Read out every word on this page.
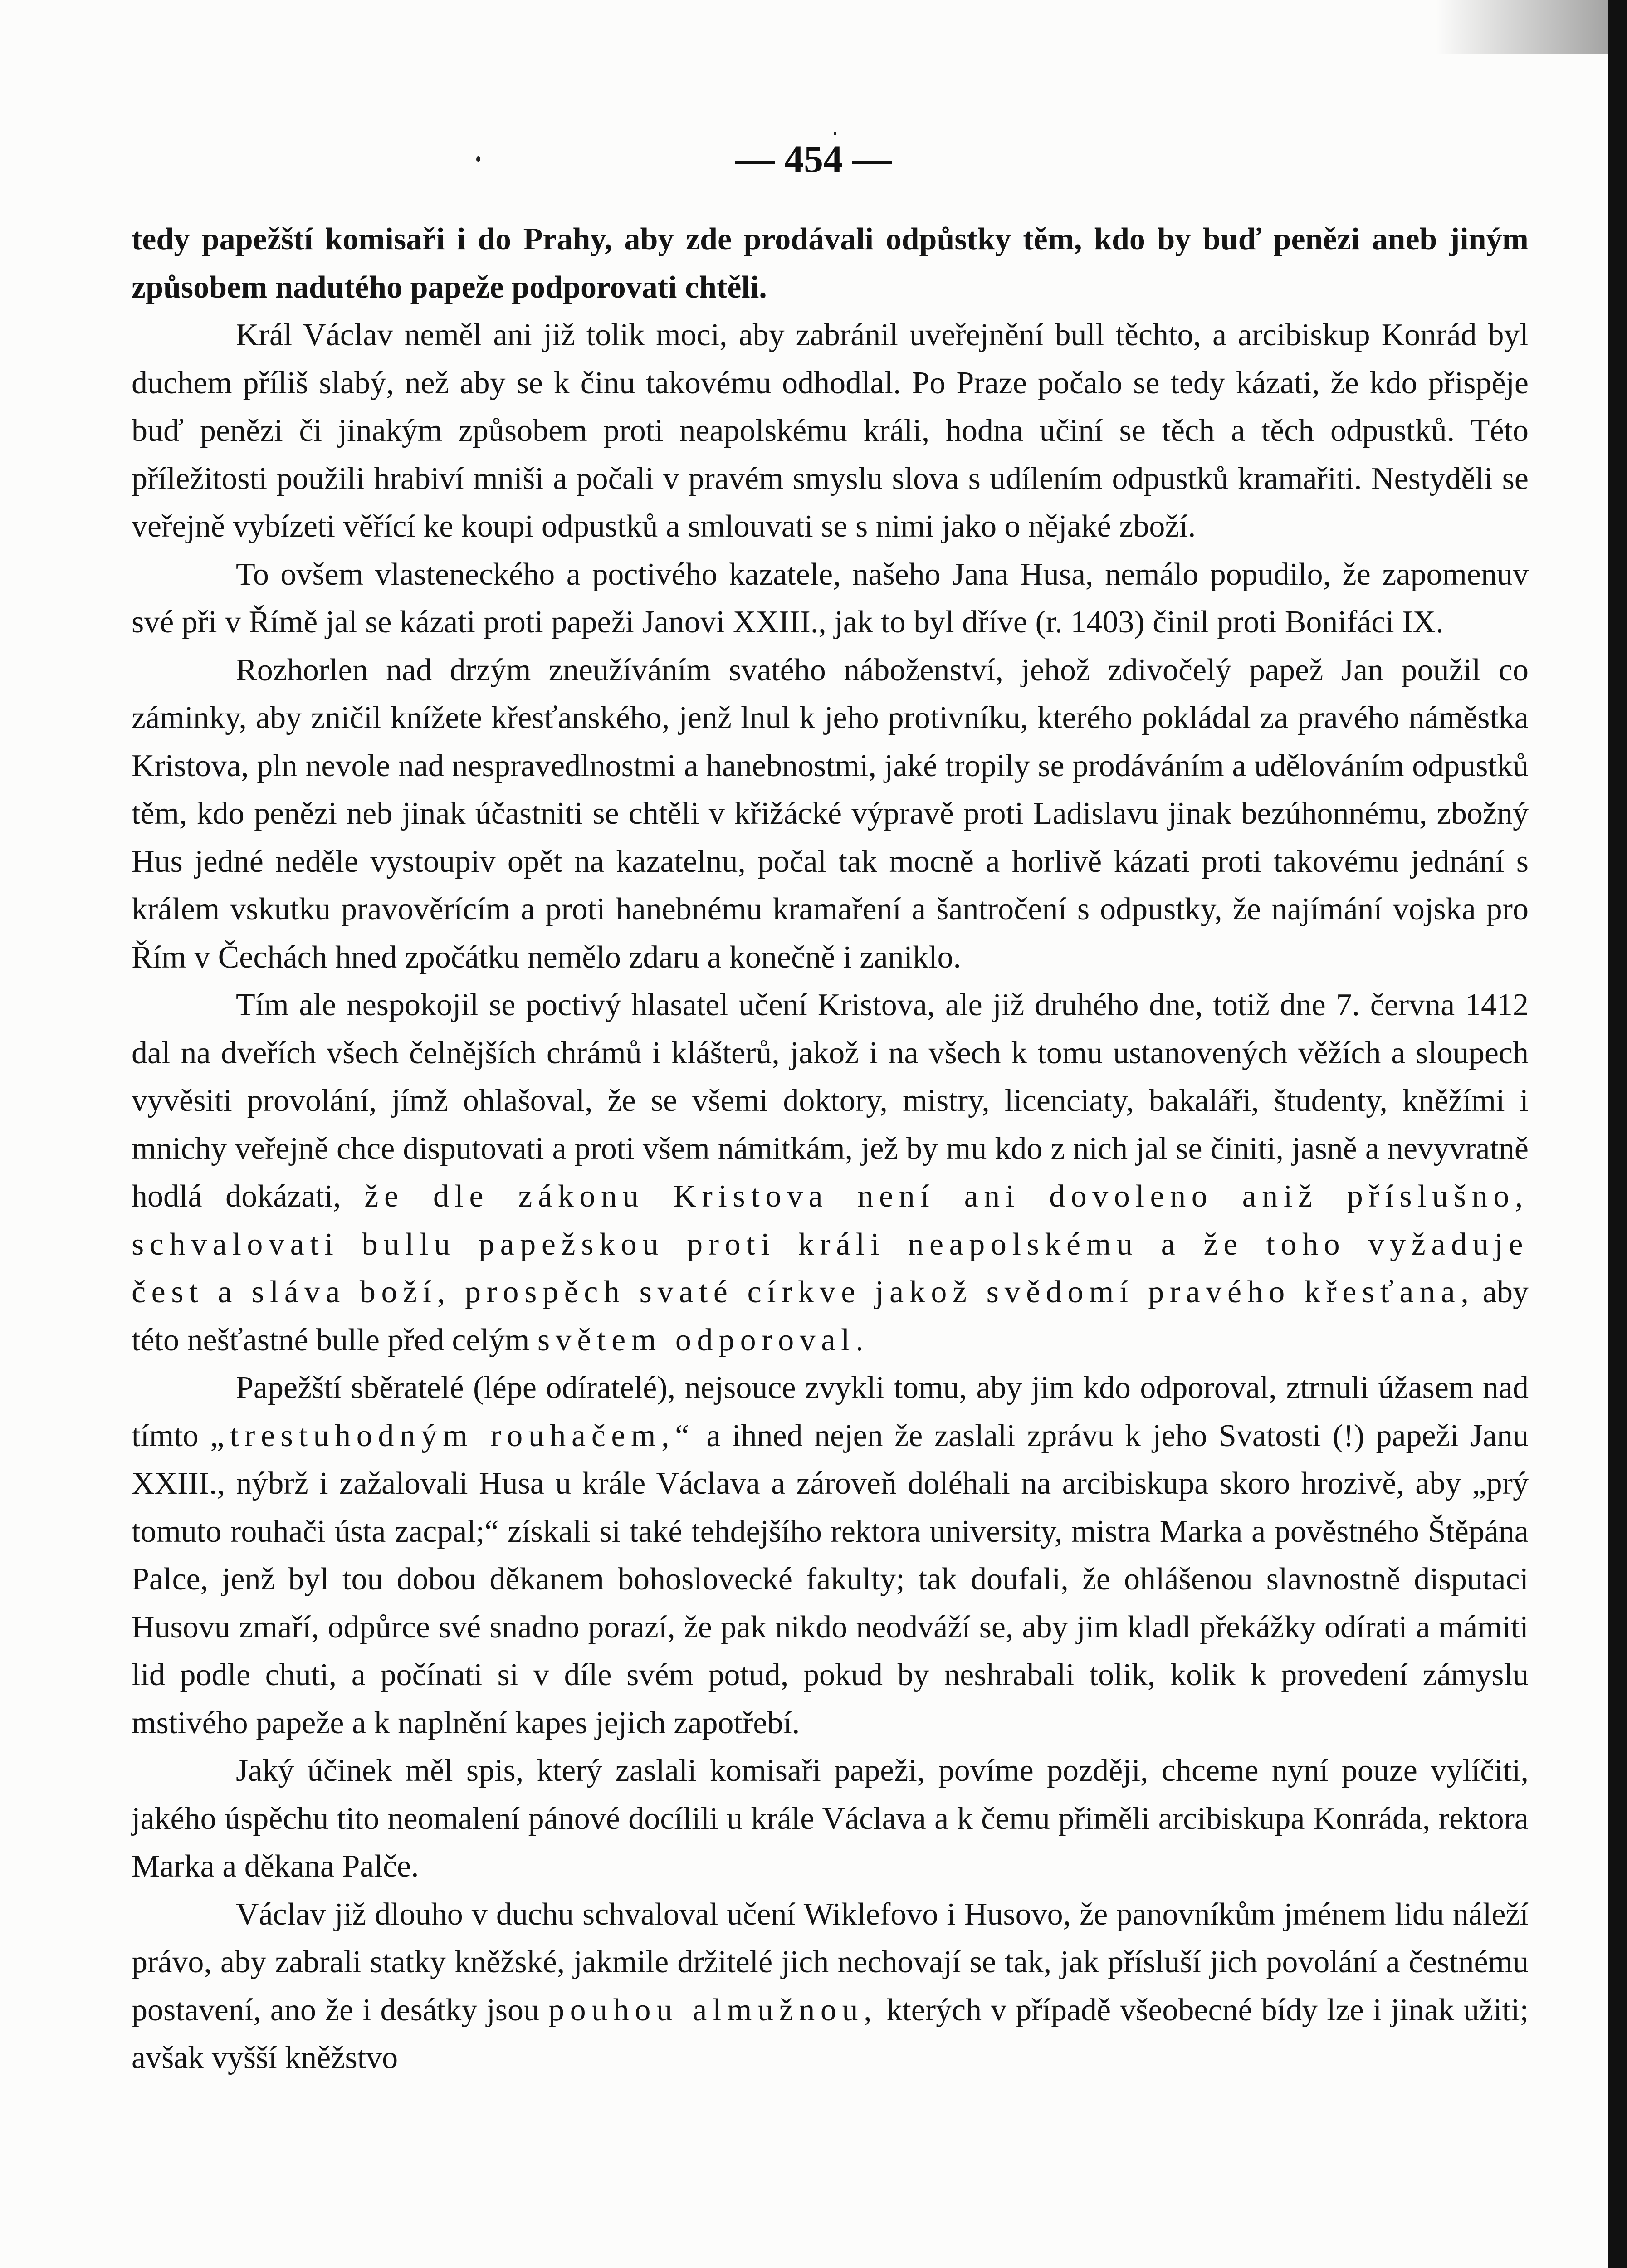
— 454 —

tedy papežští komisaři i do Prahy, aby zde prodávali odpůstky těm, kdo by buď penězi aneb jiným způsobem nadutého papeže podporovati chtěli.

Král Václav neměl ani již tolik moci, aby zabránil uveřejnění bull těchto, a arcibiskup Konrád byl duchem příliš slabý, než aby se k činu takovému odhodlal. Po Praze počalo se tedy kázati, že kdo přispěje buď penězi či jinakým způsobem proti neapolskému králi, hodna učiní se těch a těch odpustků. Této příležitosti použili hrabiví mniši a počali v pravém smyslu slova s udílením odpustků kramařiti. Nestyděli se veřejně vybízeti věřící ke koupi odpustků a smlouvati se s nimi jako o nějaké zboží.

To ovšem vlasteneckého a poctivého kazatele, našeho Jana Husa, nemálo popudilo, že zapomenuv své při v Římě jal se kázati proti papeži Janovi XXIII., jak to byl dříve (r. 1403) činil proti Bonifáci IX.

Rozhorlen nad drzým zneužíváním svatého náboženství, jehož zdivočelý papež Jan použil co záminky, aby zničil knížete křesťanského, jenž lnul k jeho protivníku, kterého pokládal za pravého náměstka Kristova, pln nevole nad nespravedlnostmi a hanebnostmi, jaké tropily se prodáváním a udělováním odpustků těm, kdo penězi neb jinak účastniti se chtěli v křižácké výpravě proti Ladislavu jinak bezúhonnému, zbožný Hus jedné neděle vystoupiv opět na kazatelnu, počal tak mocně a horlivě kázati proti takovému jednání s králem vskutku pravověrícím a proti hanebnému kramaření a šantročení s odpustky, že najímání vojska pro Řím v Čechách hned zpočátku nemělo zdaru a konečně i zaniklo.

Tím ale nespokojil se poctivý hlasatel učení Kristova, ale již druhého dne, totiž dne 7. června 1412 dal na dveřích všech čelnějších chrámů i klášterů, jakož i na všech k tomu ustanovených věžích a sloupech vyvěsiti provolání, jímž ohlašoval, že se všemi doktory, mistry, licenciaty, bakaláři, študenty, kněžími i mnichy veřejně chce disputovati a proti všem námitkám, jež by mu kdo z nich jal se činiti, jasně a nevyvratně hodlá dokázati, že dle zákonu Kristova není ani dovoleno aniž příslušno, schvalovati bullu papežskou proti králi neapolskému a že toho vyžaduje čest a sláva boží, prospěch svaté církve jakož svědomí pravého křesťana, aby této nešťastné bulle před celým světem odporoval.

Papežští sběratelé (lépe odíratelé), nejsouce zvykli tomu, aby jim kdo odporoval, ztrnuli úžasem nad tímto „trestuhodným rouhačem,“ a ihned nejen že zaslali zprávu k jeho Svatosti (!) papeži Janu XXIII., nýbrž i zažalovali Husa u krále Václava a zároveň doléhali na arcibiskupa skoro hrozivě, aby „prý tomuto rouhači ústa zacpal;“ získali si také tehdejšího rektora university, mistra Marka a pověstného Štěpána Palce, jenž byl tou dobou děkanem bohoslovecké fakulty; tak doufali, že ohlášenou slavnostně disputaci Husovu zmaří, odpůrce své snadno porazí, že pak nikdo neodváží se, aby jim kladl překážky odírati a mámiti lid podle chuti, a počínati si v díle svém potud, pokud by neshrabali tolik, kolik k provedení zámyslu mstivého papeže a k naplnění kapes jejich zapotřebí.

Jaký účinek měl spis, který zaslali komisaři papeži, povíme později, chceme nyní pouze vylíčiti, jakého úspěchu tito neomalení pánové docílili u krále Václava a k čemu přiměli arcibiskupa Konráda, rektora Marka a děkana Palče.

Václav již dlouho v duchu schvaloval učení Wiklefovo i Husovo, že panovníkům jménem lidu náleží právo, aby zabrali statky kněžské, jakmile držitelé jich nechovají se tak, jak přísluší jich povolání a čestnému postavení, ano že i desátky jsou pouhou almužnou, kterých v případě všeobecné bídy lze i jinak užiti; avšak vyšší kněžstvo
